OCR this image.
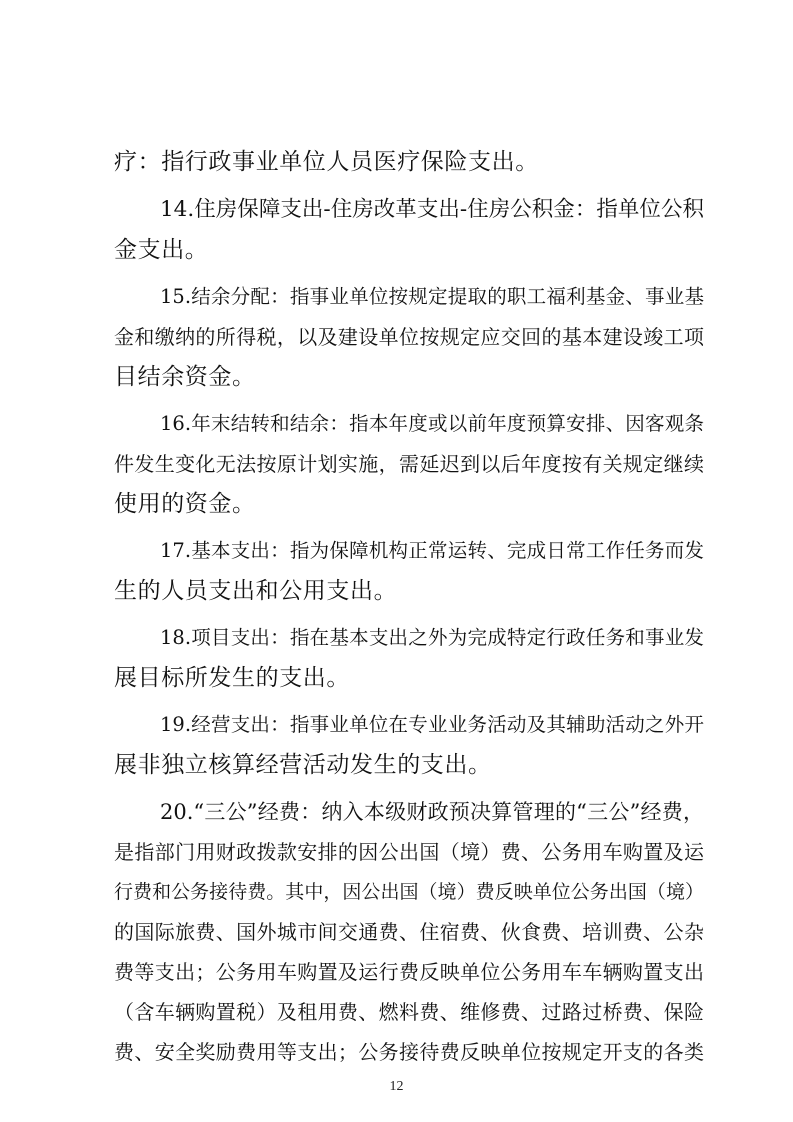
疗：指行政事业单位人员医疗保险支出。
14.住房保障支出-住房改革支出-住房公积金：指单位公积
金支出。
15.结余分配：指事业单位按规定提取的职工福利基金、事业基
金和缴纳的所得税，以及建设单位按规定应交回的基本建设竣工项
目结余资金。
16.年末结转和结余：指本年度或以前年度预算安排、因客观条
件发生变化无法按原计划实施，需延迟到以后年度按有关规定继续
使用的资金。
17.基本支出：指为保障机构正常运转、完成日常工作任务而发
生的人员支出和公用支出。
18.项目支出：指在基本支出之外为完成特定行政任务和事业发
展目标所发生的支出。
19.经营支出：指事业单位在专业业务活动及其辅助活动之外开
展非独立核算经营活动发生的支出。
20.“三公”经费：纳入本级财政预决算管理的“三公”经费，
是指部门用财政拨款安排的因公出国（境）费、公务用车购置及运
行费和公务接待费。其中，因公出国（境）费反映单位公务出国（境）
的国际旅费、国外城市间交通费、住宿费、伙食费、培训费、公杂
费等支出；公务用车购置及运行费反映单位公务用车车辆购置支出
（含车辆购置税）及租用费、燃料费、维修费、过路过桥费、保险
费、安全奖励费用等支出；公务接待费反映单位按规定开支的各类
12
